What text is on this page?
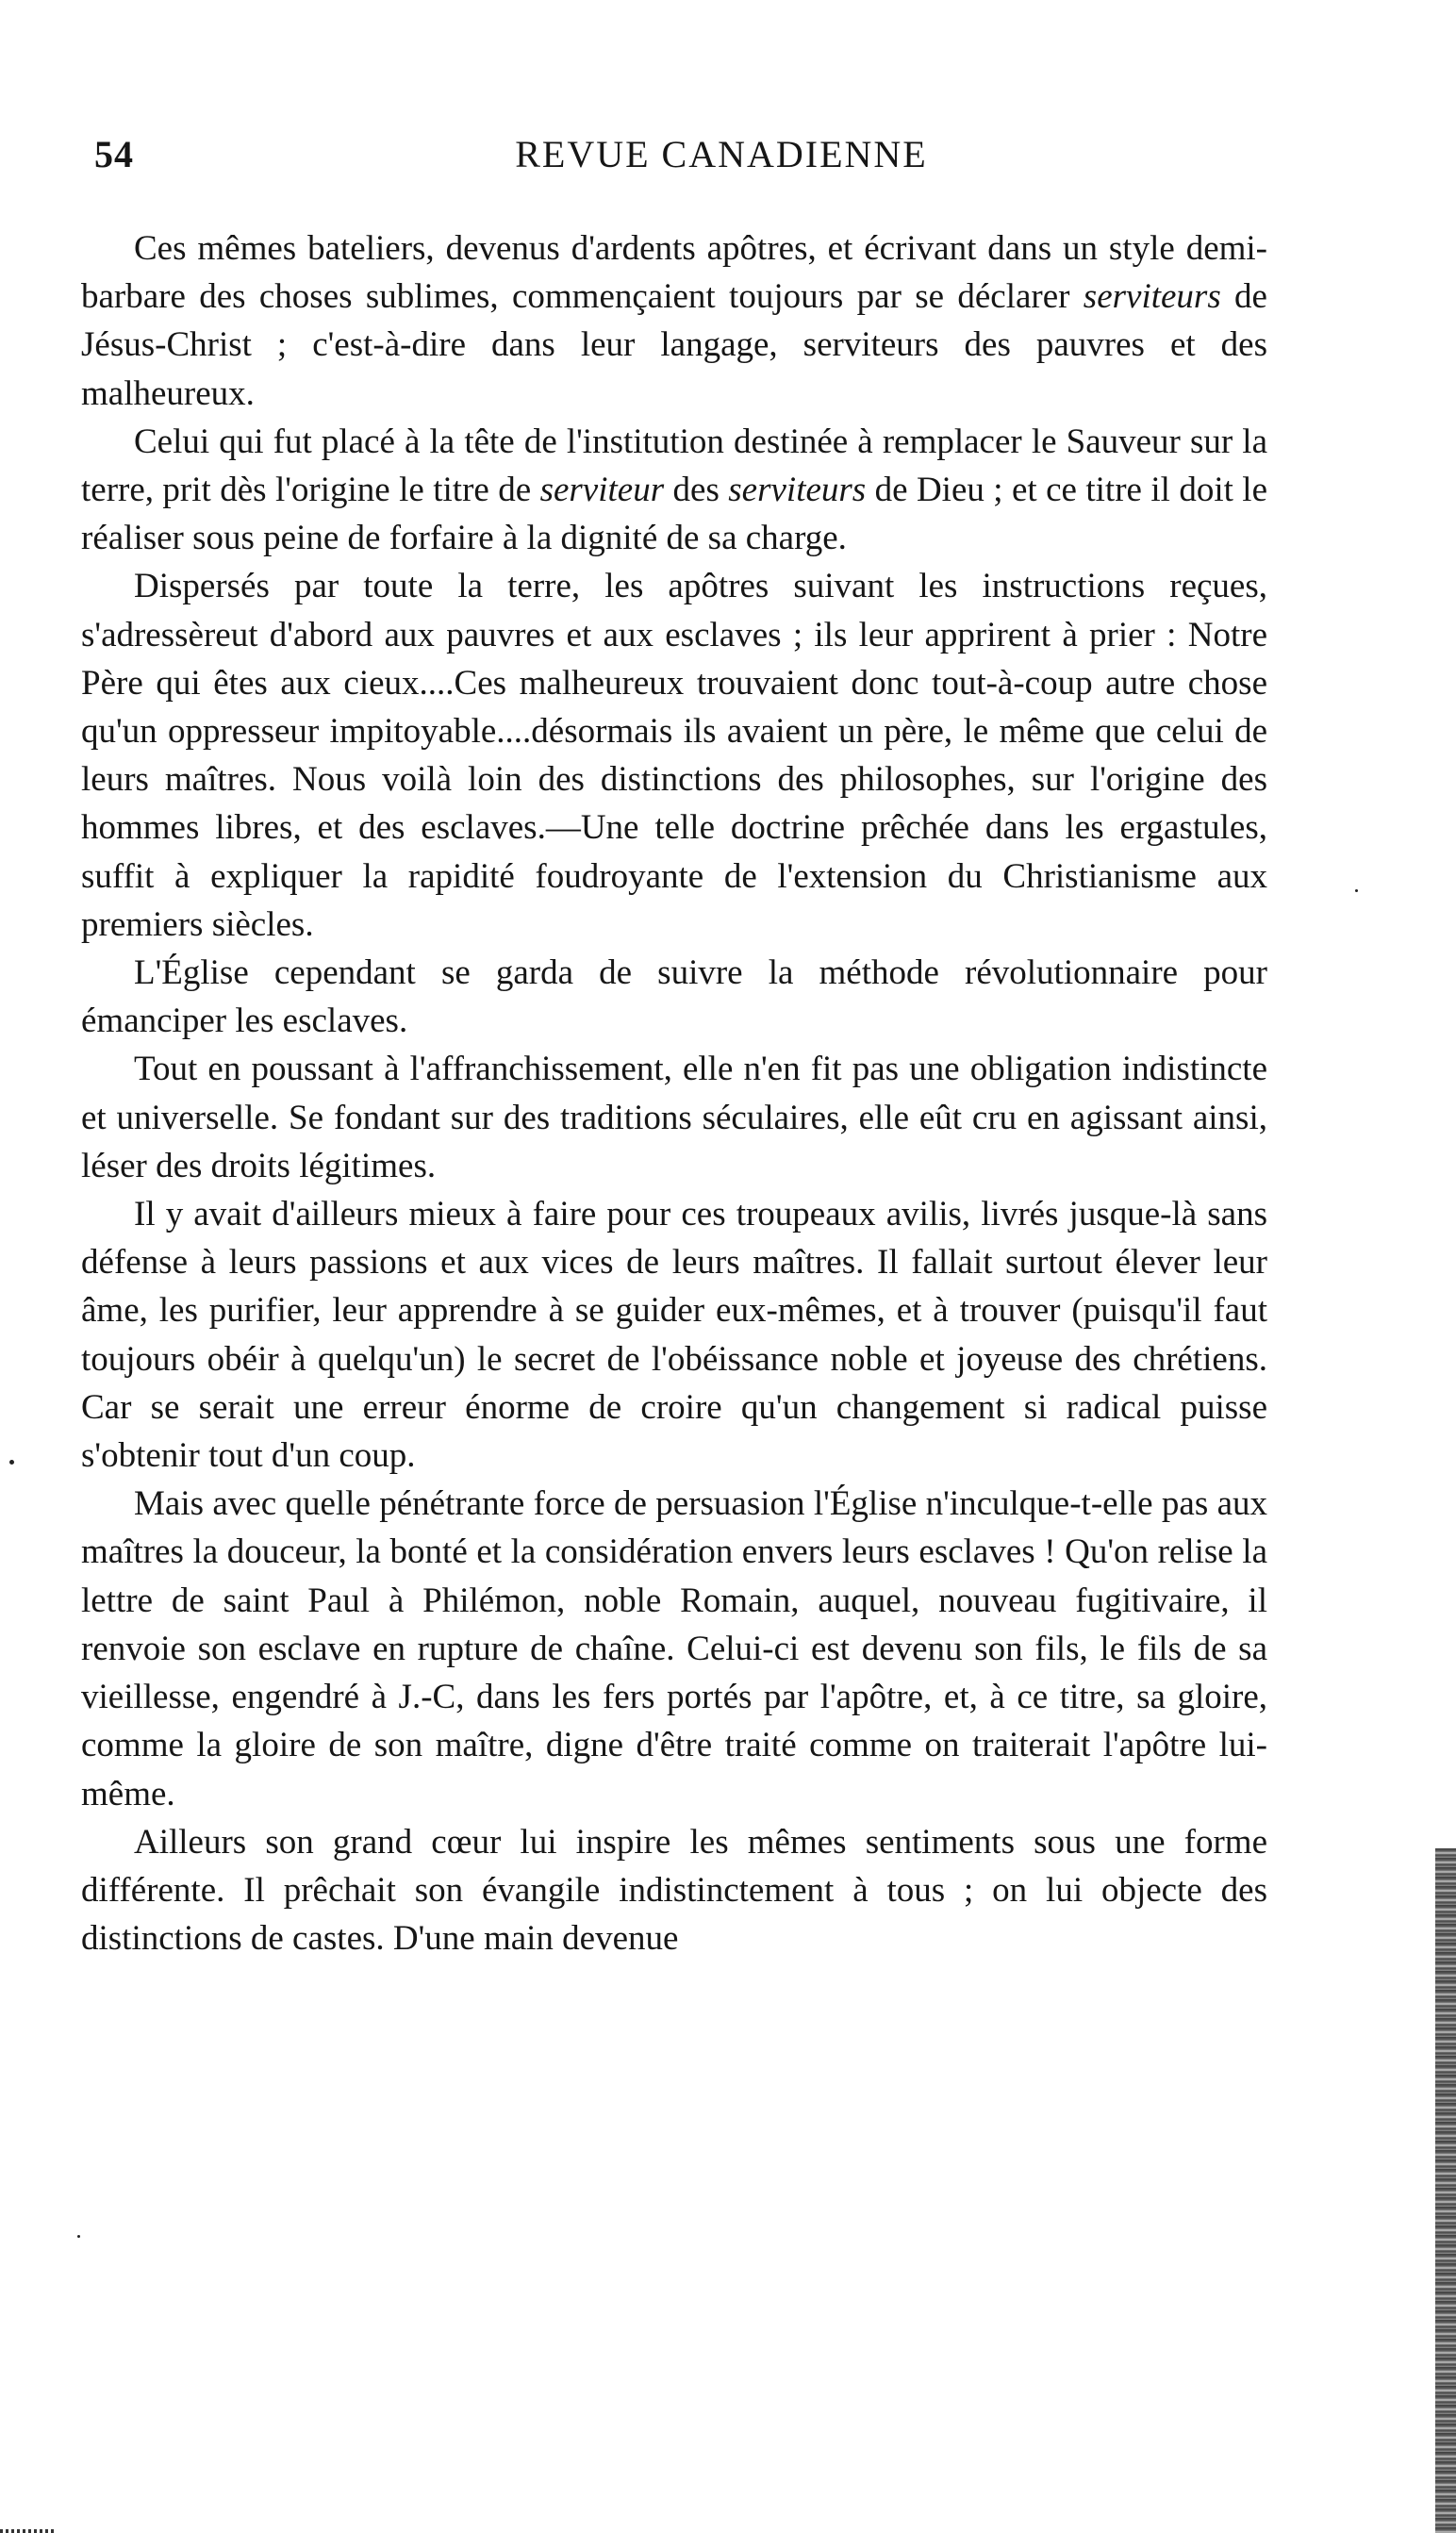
54	REVUE CANADIENNE

Ces mêmes bateliers, devenus d'ardents apôtres, et écrivant dans un style demi-barbare des choses sublimes, commençaient toujours par se déclarer serviteurs de Jésus-Christ ; c'est-à-dire dans leur langage, serviteurs des pauvres et des malheureux.

Celui qui fut placé à la tête de l'institution destinée à remplacer le Sauveur sur la terre, prit dès l'origine le titre de serviteur des serviteurs de Dieu ; et ce titre il doit le réaliser sous peine de forfaire à la dignité de sa charge.

Dispersés par toute la terre, les apôtres suivant les instructions reçues, s'adressèreut d'abord aux pauvres et aux esclaves ; ils leur apprirent à prier : Notre Père qui êtes aux cieux....Ces malheureux trouvaient donc tout-à-coup autre chose qu'un oppresseur impitoyable....désormais ils avaient un père, le même que celui de leurs maîtres. Nous voilà loin des distinctions des philosophes, sur l'origine des hommes libres, et des esclaves.—Une telle doctrine prêchée dans les ergastules, suffit à expliquer la rapidité foudroyante de l'extension du Christianisme aux premiers siècles.

L'Église cependant se garda de suivre la méthode révolutionnaire pour émanciper les esclaves.

Tout en poussant à l'affranchissement, elle n'en fit pas une obligation indistincte et universelle. Se fondant sur des traditions séculaires, elle eût cru en agissant ainsi, léser des droits légitimes.

Il y avait d'ailleurs mieux à faire pour ces troupeaux avilis, livrés jusque-là sans défense à leurs passions et aux vices de leurs maîtres. Il fallait surtout élever leur âme, les purifier, leur apprendre à se guider eux-mêmes, et à trouver (puisqu'il faut toujours obéir à quelqu'un) le secret de l'obéissance noble et joyeuse des chrétiens. Car se serait une erreur énorme de croire qu'un changement si radical puisse s'obtenir tout d'un coup.

Mais avec quelle pénétrante force de persuasion l'Église n'inculque-t-elle pas aux maîtres la douceur, la bonté et la considération envers leurs esclaves ! Qu'on relise la lettre de saint Paul à Philémon, noble Romain, auquel, nouveau fugitivaire, il renvoie son esclave en rupture de chaîne. Celui-ci est devenu son fils, le fils de sa vieillesse, engendré à J.-C, dans les fers portés par l'apôtre, et, à ce titre, sa gloire, comme la gloire de son maître, digne d'être traité comme on traiterait l'apôtre lui-même.

Ailleurs son grand cœur lui inspire les mêmes sentiments sous une forme différente. Il prêchait son évangile indistinctement à tous ; on lui objecte des distinctions de castes. D'une main devenue
